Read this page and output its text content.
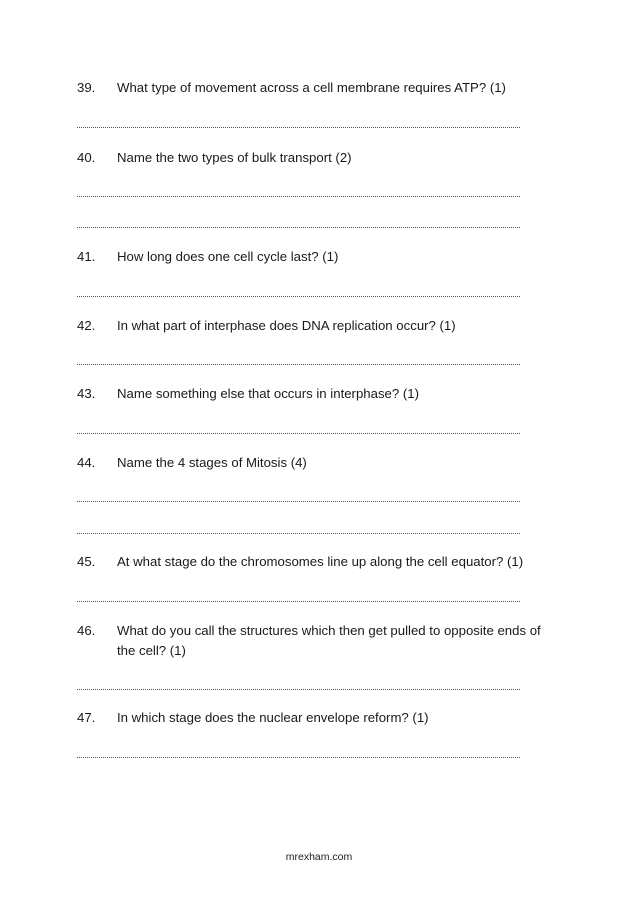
39.	What type of movement across a cell membrane requires ATP? (1)
40.	Name the two types of bulk transport (2)
41.	How long does one cell cycle last? (1)
42.	In what part of interphase does DNA replication occur? (1)
43.	Name something else that occurs in interphase? (1)
44.	Name the 4 stages of Mitosis (4)
45.	At what stage do the chromosomes line up along the cell equator? (1)
46.	What do you call the structures which then get pulled to opposite ends of the cell? (1)
47.	In which stage does the nuclear envelope reform? (1)
mrexham.com
